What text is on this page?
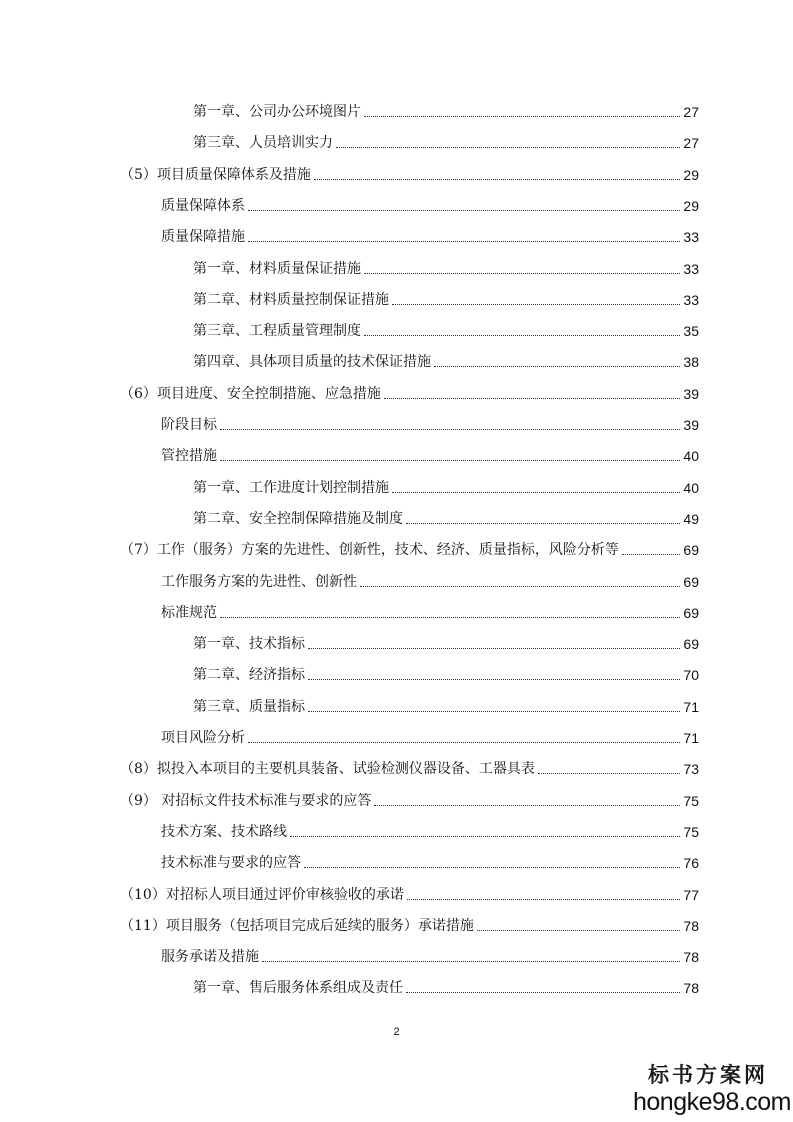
第一章、公司办公环境图片	27
第三章、人员培训实力	27
（5）项目质量保障体系及措施	29
质量保障体系	29
质量保障措施	33
第一章、材料质量保证措施	33
第二章、材料质量控制保证措施	33
第三章、工程质量管理制度	35
第四章、具体项目质量的技术保证措施	38
（6）项目进度、安全控制措施、应急措施	39
阶段目标	39
管控措施	40
第一章、工作进度计划控制措施	40
第二章、安全控制保障措施及制度	49
（7）工作（服务）方案的先进性、创新性，技术、经济、质量指标，风险分析等	69
工作服务方案的先进性、创新性	69
标准规范	69
第一章、技术指标	69
第二章、经济指标	70
第三章、质量指标	71
项目风险分析	71
（8）拟投入本项目的主要机具装备、试验检测仪器设备、工器具表	73
（9） 对招标文件技术标准与要求的应答	75
技术方案、技术路线	75
技术标准与要求的应答	76
（10）对招标人项目通过评价审核验收的承诺	77
（11）项目服务（包括项目完成后延续的服务）承诺措施	78
服务承诺及措施	78
第一章、售后服务体系组成及责任	78
2
标书方案网
hongke98.com
